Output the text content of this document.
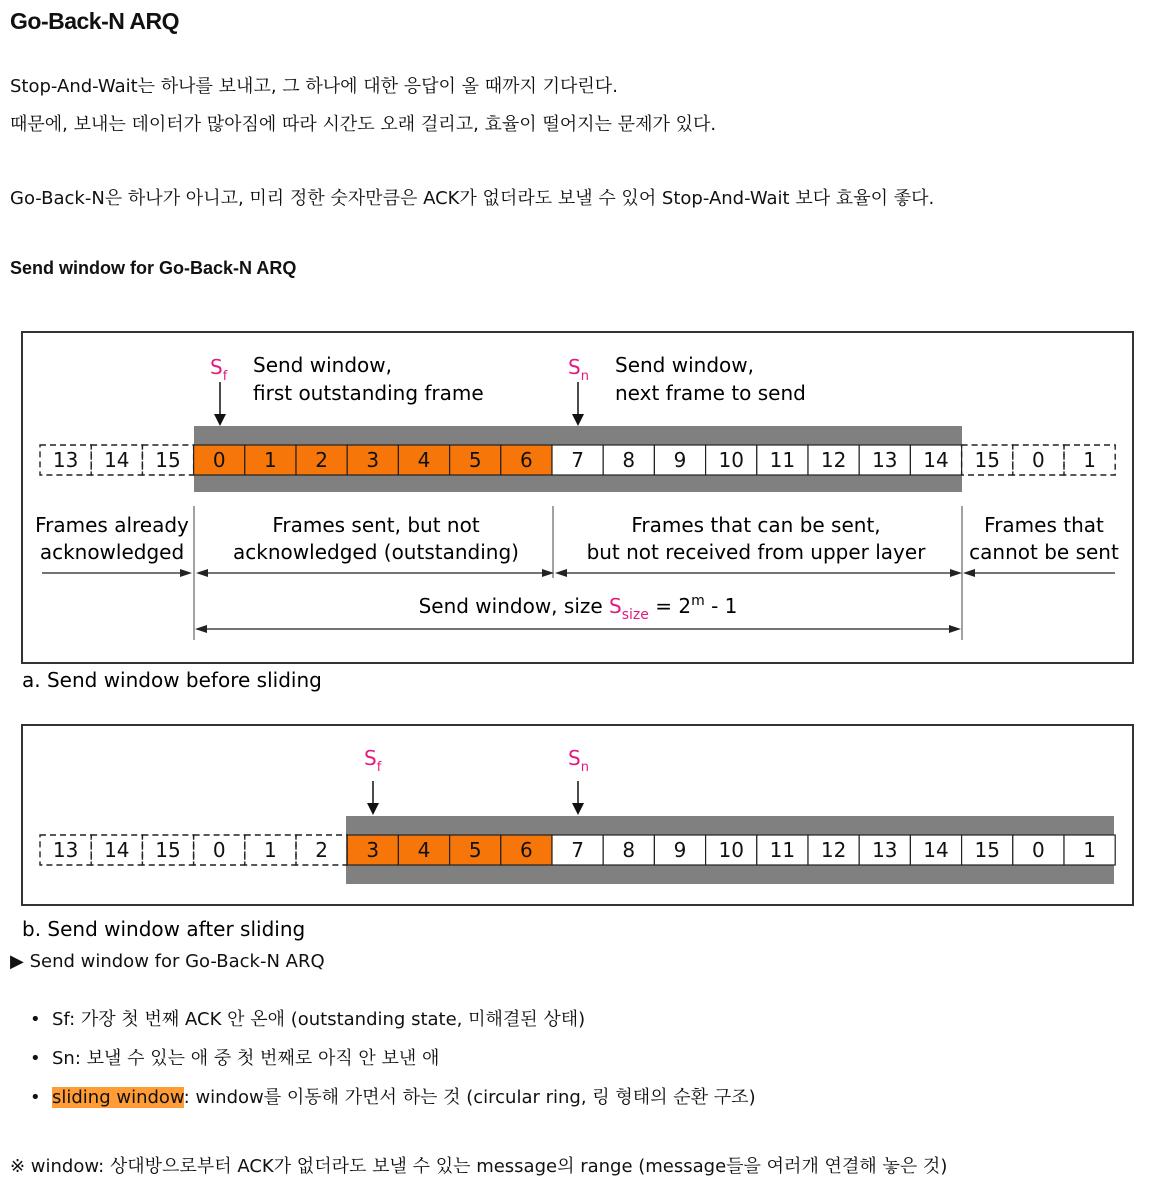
Go-Back-N ARQ

Stop-And-Wait는 하나를 보내고, 그 하나에 대한 응답이 올 때까지 기다린다.

때문에, 보내는 데이터가 많아짐에 따라 시간도 오래 걸리고, 효율이 떨어지는 문제가 있다.

Go-Back-N은 하나가 아니고, 미리 정한 숫자만큼은 ACK가 없더라도 보낼 수 있어 Stop-And-Wait 보다 효율이 좋다.

Send window for Go-Back-N ARQ

13 14 15 0 1 2 3 4 5 6 7 8 9 10 11 12 13 14 15 0 1
$S_f$ Send window,
first outstanding frame
$S_n$ Send window,
next frame to send
Frames already
acknowledged
Frames sent, but not
acknowledged (outstanding)
Frames that can be sent,
but not received from upper layer
Frames that
cannot be sent
Send window, size $S_{size} = 2^m - 1$
a. Send window before sliding
13 14 15 0 1 2 3 4 5 6 7 8 9 10 11 12 13 14 15 0 1
$S_f$	$S_n$
b. Send window after sliding

▶ Send window for Go-Back-N ARQ

• Sf: 가장 첫 번째 ACK 안 온애 (outstanding state, 미해결된 상태)
• Sn: 보낼 수 있는 애 중 첫 번째로 아직 안 보낸 애
• sliding window: window를 이동해 가면서 하는 것 (circular ring, 링 형태의 순환 구조)

※ window: 상대방으로부터 ACK가 없더라도 보낼 수 있는 message의 range (message들을 여러개 연결해 놓은 것)
